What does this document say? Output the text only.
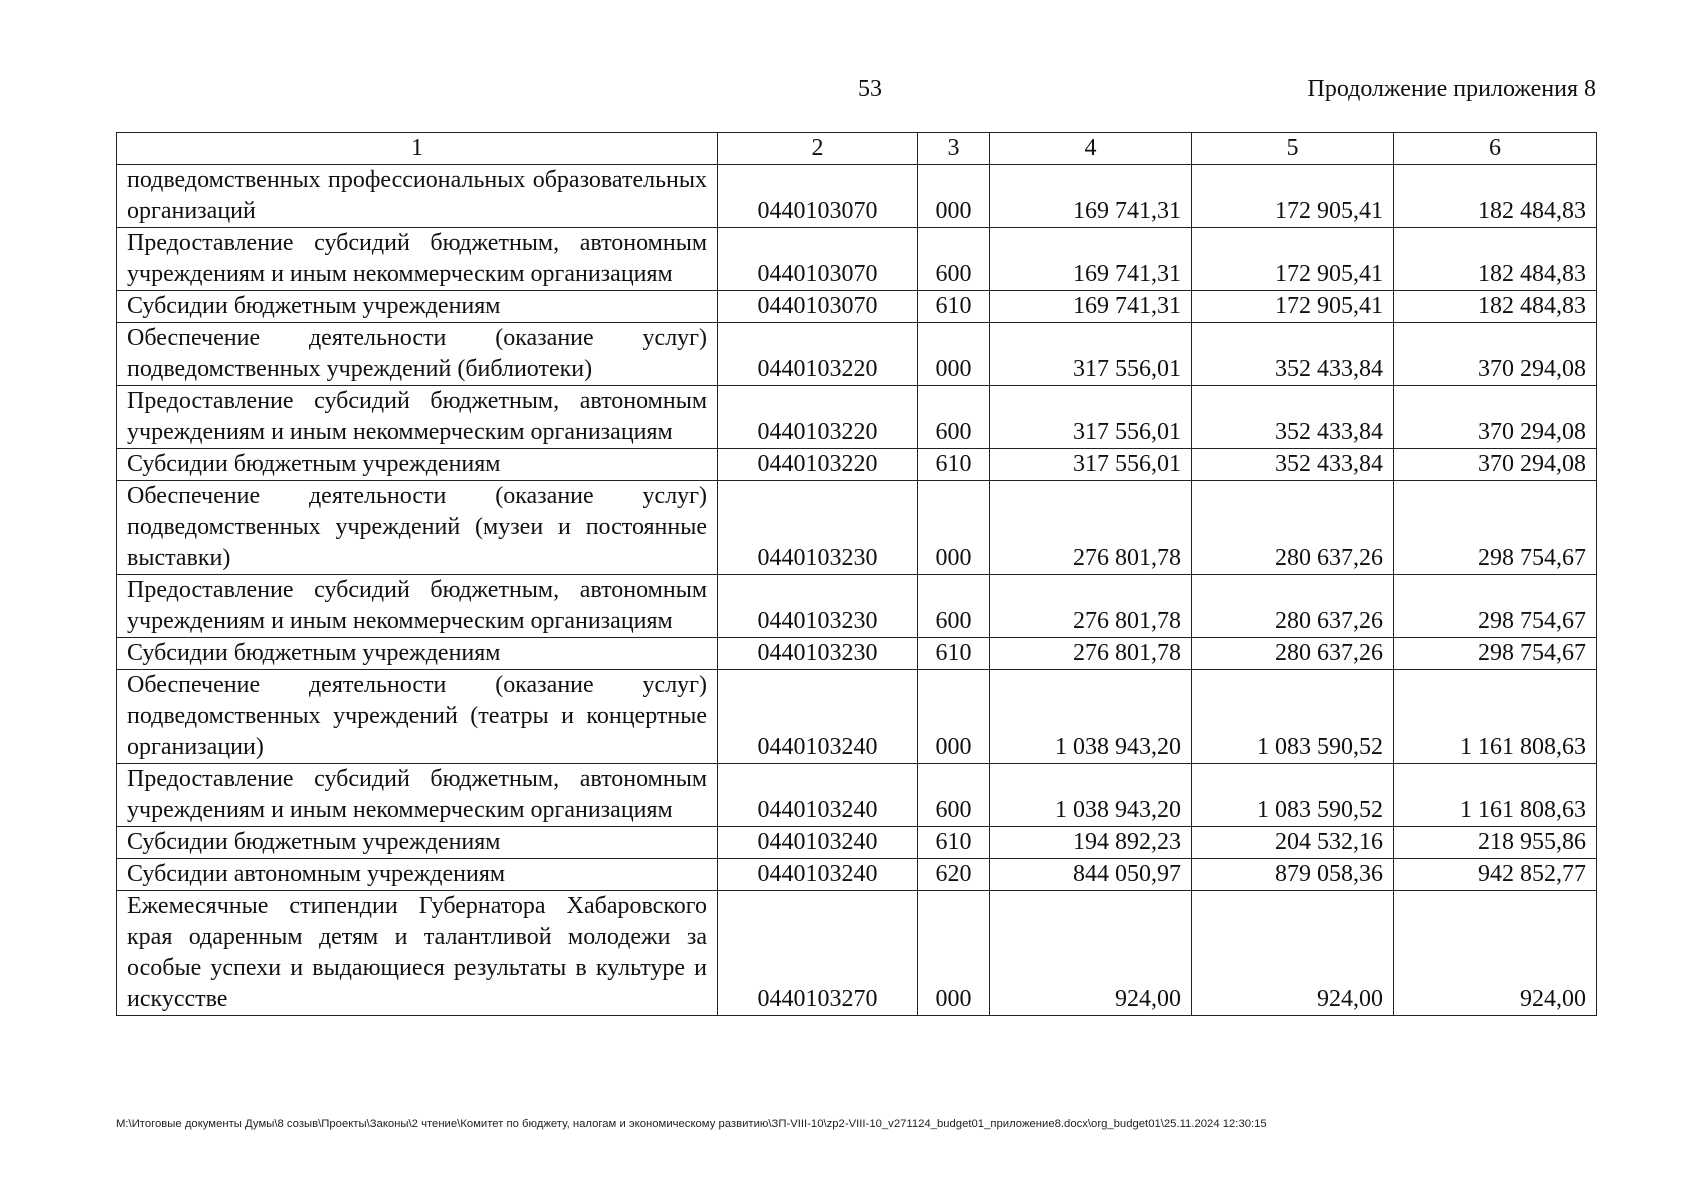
53	Продолжение приложения 8
1	2	3	4	5	6
подведомственных профессиональных образовательных организаций	0440103070	000	169 741,31	172 905,41	182 484,83
Предоставление субсидий бюджетным, автономным учреждениям и иным некоммерческим организациям	0440103070	600	169 741,31	172 905,41	182 484,83
Субсидии бюджетным учреждениям	0440103070	610	169 741,31	172 905,41	182 484,83
Обеспечение деятельности (оказание услуг) подведомственных учреждений (библиотеки)	0440103220	000	317 556,01	352 433,84	370 294,08
Предоставление субсидий бюджетным, автономным учреждениям и иным некоммерческим организациям	0440103220	600	317 556,01	352 433,84	370 294,08
Субсидии бюджетным учреждениям	0440103220	610	317 556,01	352 433,84	370 294,08
Обеспечение деятельности (оказание услуг) подведомственных учреждений (музеи и постоянные выставки)	0440103230	000	276 801,78	280 637,26	298 754,67
Предоставление субсидий бюджетным, автономным учреждениям и иным некоммерческим организациям	0440103230	600	276 801,78	280 637,26	298 754,67
Субсидии бюджетным учреждениям	0440103230	610	276 801,78	280 637,26	298 754,67
Обеспечение деятельности (оказание услуг) подведомственных учреждений (театры и концертные организации)	0440103240	000	1 038 943,20	1 083 590,52	1 161 808,63
Предоставление субсидий бюджетным, автономным учреждениям и иным некоммерческим организациям	0440103240	600	1 038 943,20	1 083 590,52	1 161 808,63
Субсидии бюджетным учреждениям	0440103240	610	194 892,23	204 532,16	218 955,86
Субсидии автономным учреждениям	0440103240	620	844 050,97	879 058,36	942 852,77
Ежемесячные стипендии Губернатора Хабаровского края одаренным детям и талантливой молодежи за особые успехи и выдающиеся результаты в культуре и искусстве	0440103270	000	924,00	924,00	924,00
M:\Итоговые документы Думы\8 созыв\Проекты\Законы\2 чтение\Комитет по бюджету, налогам и экономическому развитию\ЗП-VIII-10\zp2-VIII-10_v271124_budget01_приложение8.docx\org_budget01\25.11.2024 12:30:15
